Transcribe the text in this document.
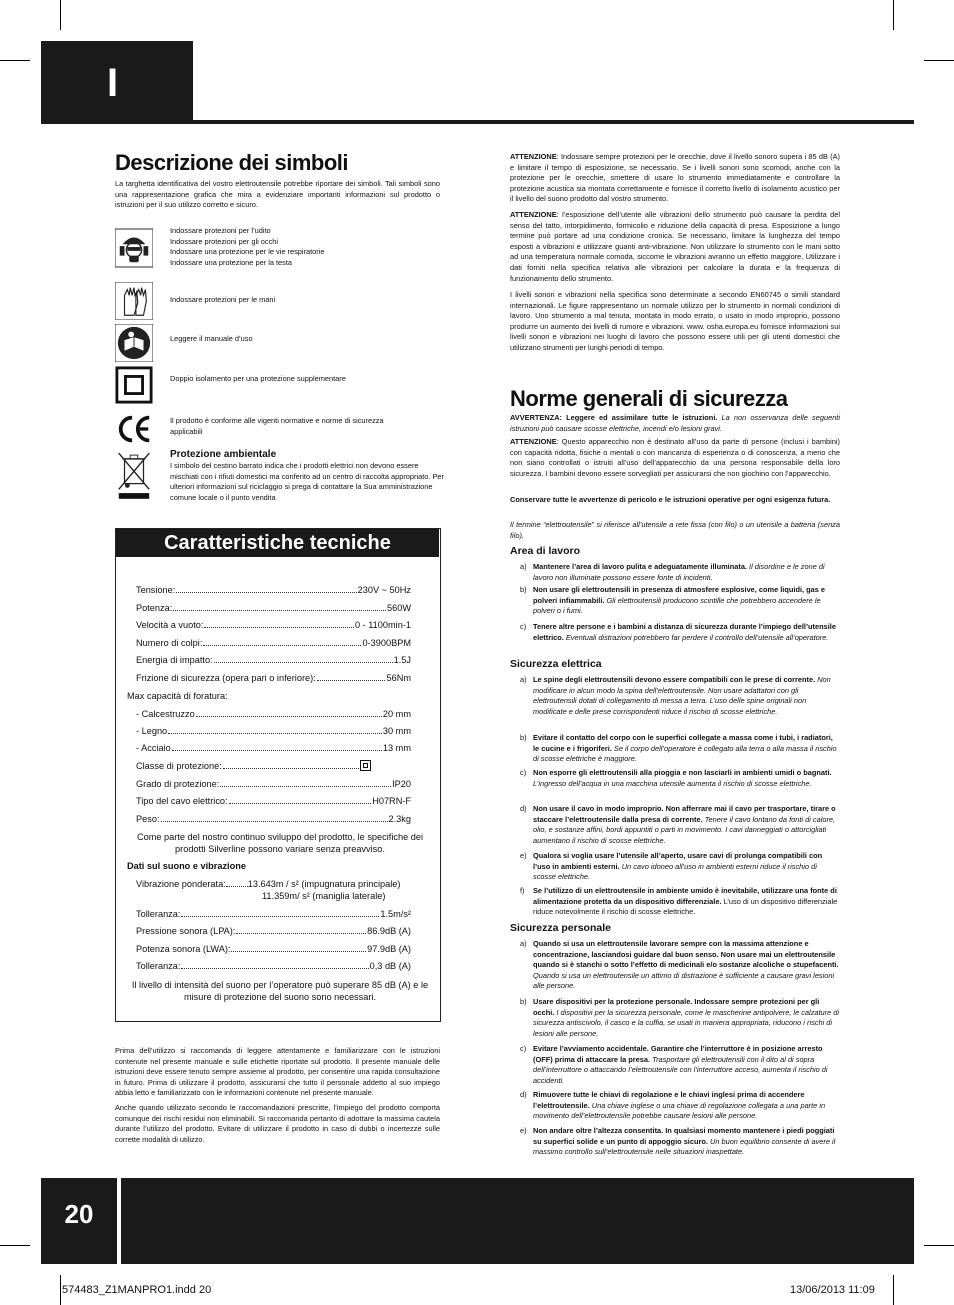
I
Descrizione dei simboli
La targhetta identificativa del vostro elettroutensile potrebbe riportare dei simboli. Tali simboli sono una rappresentazione grafica che mira a evidenziare importanti informazioni sul prodotto o istruzioni per il suo utilizzo corretto e sicuro.
Indossare protezioni per l’udito
Indossare protezioni per gli occhi
Indossare una protezione per le vie respiratorie
Indossare una protezione per la testa
Indossare protezioni per le mani
Leggere il manuale d’uso
Doppio isolamento per una protezione supplementare
Il prodotto è conforme alle vigenti normative e norme di sicurezza applicabili
Protezione ambientale
I simbolo del cestino barrato indica che i prodotti elettrici non devono essere mischiati con i rifiuti domestici ma conferito ad un centro di raccolta appropriato. Per ulteriori informazioni sul riciclaggio si prega di contattare la Sua amministrazione comune locale o il punto vendita
Caratteristiche tecniche
Tensione:	230V ~ 50Hz
Potenza:	560W
Velocità a vuoto:	0 - 1100min-1
Numero di colpi:	0-3900BPM
Energia di impatto:	1.5J
Frizione di sicurezza (opera pari o inferiore):	56Nm
Max capacità di foratura:
- Calcestruzzo	20 mm
- Legno	30 mm
- Acciaio	13 mm
Classe di protezione:
Grado di protezione:	IP20
Tipo del cavo elettrico:	H07RN-F
Peso:	2.3kg
Come parte del nostro continuo sviluppo del prodotto, le specifiche dei prodotti Silverline possono variare senza preavviso.
Dati sul suono e vibrazione
Vibrazione ponderata: 13.643m / s² (impugnatura principale)
11.359m/ s² (maniglia laterale)
Tolleranza:	1.5m/s²
Pressione sonora (LPA):	86.9dB (A)
Potenza sonora (LWA):	97.9dB (A)
Tolleranza:	0,3 dB (A)
Il livello di intensità del suono per l’operatore può superare 85 dB (A) e le misure di protezione del suono sono necessari.
Prima dell’utilizzo si raccomanda di leggere attentamente e familiarizzare con le istruzioni contenute nel presente manuale e sulle etichette riportate sul prodotto. Il presente manuale delle istruzioni deve essere tenuto sempre assieme al prodotto, per consentire una rapida consultazione in futuro. Prima di utilizzare il prodotto, assicurarsi che tutto il personale addetto al suo impiego abbia letto e familiarizzato con le informazioni contenute nel presente manuale.
Anche quando utilizzato secondo le raccomandazioni prescritte, l’impiego del prodotto comporta comunque dei rischi residui non eliminabili. Si raccomanda pertanto di adottare la massima cautela durante l’utilizzo del prodotto. Evitare di utilizzare il prodotto in caso di dubbi o incertezze sulle corrette modalità di utilizzo.
ATTENZIONE: Indossare sempre protezioni per le orecchie, dove il livello sonoro supera i 85 dB (A) e limitare il tempo di esposizione, se necessario. Se i livelli sonori sono scomodi, anche con la protezione per le orecchie, smettere di usare lo strumento immediatamente e controllare la protezione acustica sia montata correttamente e fornisce il corretto livello di isolamento acustico per il livello del suono prodotto dal vostro strumento.
ATTENZIONE: l’esposizione dell’utente alle vibrazioni dello strumento può causare la perdita del senso del tatto, intorpidimento, formicolio e riduzione della capacità di presa. Esposizione a lungo termine può portare ad una condizione cronica. Se necessario, limitare la lunghezza del tempo esposti a vibrazioni e utilizzare guanti anti-vibrazione. Non utilizzare lo strumento con le mani sotto ad una temperatura normale comoda, siccome le vibrazioni avranno un effetto maggiore. Utilizzare i dati forniti nella specifica relativa alle vibrazioni per calcolare la durata e la frequenza di funzionamento dello strumento.
I livelli sonori e vibrazioni nella specifica sono determinate a secondo EN60745 o simili standard internazionali. Le figure rappresentano un normale utilizzo per lo strumento in normali condizioni di lavoro. Uno strumento a mal tenuta, montata in modo errato, o usato in modo improprio, possono produrre un aumento dei livelli di rumore e vibrazioni. www. osha.europa.eu fornisce informazioni sui livelli sonori e vibrazioni nei luoghi di lavoro che possono essere utili per gli utenti domestici che utilizzano strumenti per lunghi periodi di tempo.
Norme generali di sicurezza
AVVERTENZA: Leggere ed assimilare tutte le istruzioni. La non osservanza delle seguenti istruzioni può causare scosse elettriche, incendi e/o lesioni gravi.
ATTENZIONE: Questo apparecchio non è destinato all’uso da parte di persone (inclusi i bambini) con capacità ridotta, fisiche o mentali o con mancanza di esperienza o di conoscenza, a meno che non siano controllati o istruiti all’uso dell’apparecchio da una persona responsabile della loro sicurezza. I bambini devono essere sorvegliati per assicurarsi che non giochino con l’apparecchio.
Conservare tutte le avvertenze di pericolo e le istruzioni operative per ogni esigenza futura.
Il termine “elettroutensile” si riferisce all’utensile a rete fissa (con filo) o un utensile a batteria (senza filo).
Area di lavoro
a) Mantenere l’area di lavoro pulita e adeguatamente illuminata. Il disordine e le zone di lavoro non illuminate possono essere fonte di incidenti.
b) Non usare gli elettroutensili in presenza di atmosfere esplosive, come liquidi, gas e polveri infiammabili. Gli elettroutensili producono scintille che potrebbero accendere le polveri o i fumi.
c) Tenere altre persone e i bambini a distanza di sicurezza durante l’impiego dell’utensile elettrico. Eventuali distrazioni potrebbero far perdere il controllo dell’utensile all’operatore.
Sicurezza elettrica
a) Le spine degli elettroutensili devono essere compatibili con le prese di corrente. Non modificare in alcun modo la spina dell’elettroutensile. Non usare adattatori con gli elettroutensili dotati di collegamento di messa a terra. L’uso delle spine originali non modificate e delle prese corrispondenti riduce il rischio di scosse elettriche.
b) Evitare il contatto del corpo con le superfici collegate a massa come i tubi, i radiatori, le cucine e i frigoriferi. Se il corpo dell’operatore è collegato alla terra o alla massa il rischio di scosse elettriche è maggiore.
c) Non esporre gli elettroutensili alla pioggia e non lasciarli in ambienti umidi o bagnati. L’ingresso dell’acqua in una macchina utensile aumenta il rischio di scosse elettriche.
d) Non usare il cavo in modo improprio. Non afferrare mai il cavo per trasportare, tirare o staccare l’elettroutensile dalla presa di corrente. Tenere il cavo lontano da fonti di calore, olio, e sostanze affini, bordi appuntiti o parti in movimento. I cavi danneggiati o attorcigliati aumentano il rischio di scosse elettriche.
e) Qualora si voglia usare l’utensile all’aperto, usare cavi di prolunga compatibili con l’uso in ambienti esterni. Un cavo idoneo all’uso in ambienti esterni riduce il rischio di scosse elettriche.
f) Se l’utilizzo di un elettroutensile in ambiente umido è inevitabile, utilizzare una fonte di alimentazione protetta da un dispositivo differenziale. L’uso di un dispositivo differenziale riduce notevolmente il rischio di scosse elettriche.
Sicurezza personale
a) Quando si usa un elettroutensile lavorare sempre con la massima attenzione e concentrazione, lasciandosi guidare dal buon senso. Non usare mai un elettroutensile quando si è stanchi o sotto l’effetto di medicinali e/o sostanze alcoliche o stupefacenti. Quando si usa un elettroutensile un attimo di distrazione è sufficiente a causare gravi lesioni alle persone.
b) Usare dispositivi per la protezione personale. Indossare sempre protezioni per gli occhi. I dispositivi per la sicurezza personale, come le mascherine antipolvere, le calzature di sicurezza antiscivolo, il casco e la cuffia, se usati in maniera appropriata, riducono i rischi di lesioni alle persone.
c) Evitare l’avviamento accidentale. Garantire che l’interruttore è in posizione arresto (OFF) prima di attaccare la presa. Trasportare gli elettroutensili con il dito al di sopra dell’interruttore o attaccando l’elettroutensile con l’interruttore acceso, aumenta il rischio di accidenti.
d) Rimuovere tutte le chiavi di regolazione e le chiavi inglesi prima di accendere l’elettroutensile. Una chiave inglese o una chiave di regolazione collegata a una parte in movimento dell’elettroutensile potrebbe causare lesioni alle persone.
e) Non andare oltre l’altezza consentita. In qualsiasi momento mantenere i piedi poggiati su superfici solide e un punto di appoggio sicuro. Un buon equilibrio consente di avere il massimo controllo sull’elettroutensile nelle situazioni inaspettate.
20
574483_Z1MANPRO1.indd 20	13/06/2013 11:09
